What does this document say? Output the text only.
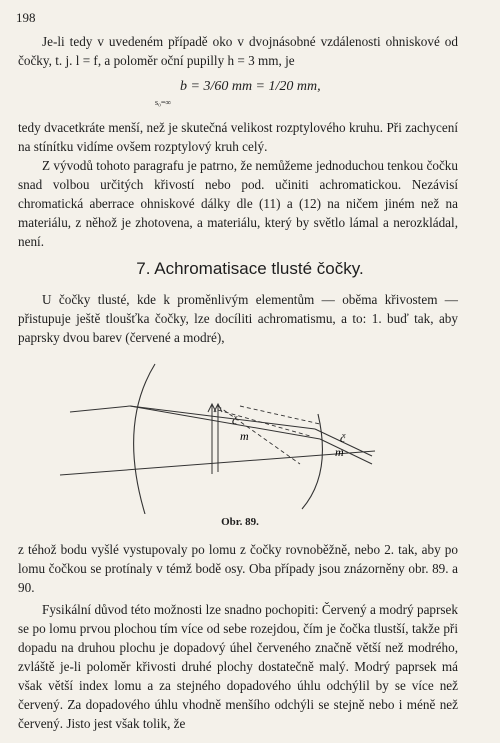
198
Je-li tedy v uvedeném případě oko v dvojnásobné vzdálenosti ohniskové od čočky, t. j. l = f, a poloměr oční pupilly h = 3 mm, je
b = 3/60 mm = 1/20 mm,
s₀=∞
tedy dvacetkráte menší, než je skutečná velikost rozptylového kruhu. Při zachycení na stínítku vidíme ovšem rozptylový kruh celý.
Z vývodů tohoto paragrafu je patrno, že nemůžeme jednoduchou tenkou čočku snad volbou určitých křivostí nebo pod. učiniti achromatickou. Nezávisí chromatická aberrace ohniskové dálky dle (11) a (12) na ničem jiném než na materiálu, z něhož je zhotovena, a materiálu, který by světlo lámal a nerozkládal, není.
7. Achromatisace tlusté čočky.
U čočky tlusté, kde k proměnlivým elementům — oběma křivostem — přistupuje ještě tloušťka čočky, lze docíliti achromatismu, a to: 1. buď tak, aby paprsky dvou barev (červené a modré),
č
m	č
m
Obr. 89.
z téhož bodu vyšlé vystupovaly po lomu z čočky rovnoběžně, nebo 2. tak, aby po lomu čočkou se protínaly v témž bodě osy. Oba případy jsou znázorněny obr. 89. a 90.
Fysikální důvod této možnosti lze snadno pochopiti: Červený a modrý paprsek se po lomu prvou plochou tím více od sebe rozejdou, čím je čočka tlustší, takže při dopadu na druhou plochu je dopadový úhel červeného značně větší než modrého, zvláště je-li poloměr křivosti druhé plochy dostatečně malý. Modrý paprsek má však větší index lomu a za stejného dopadového úhlu odchýlil by se více než červený. Za dopadového úhlu vhodně menšího odchýli se stejně nebo i méně než červený. Jisto jest však tolik, že
